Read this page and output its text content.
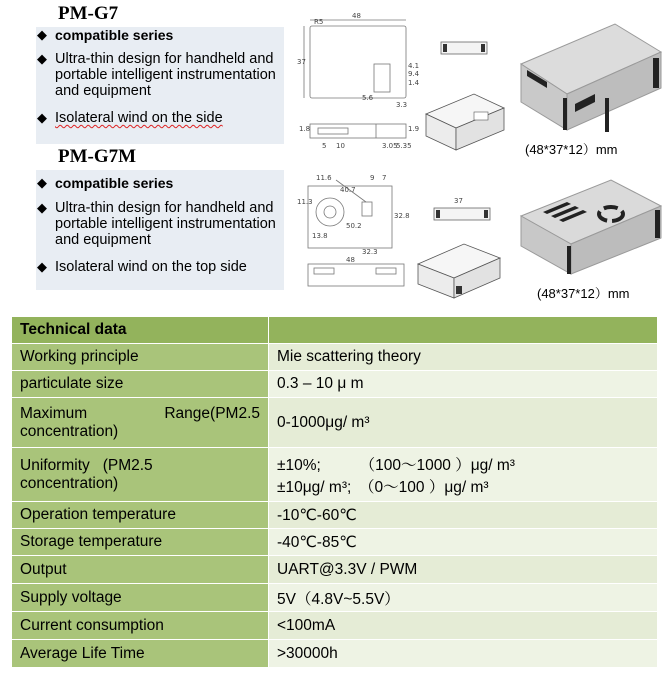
PM-G7
◆ compatible series
◆ Ultra-thin design for handheld and portable intelligent instrumentation and equipment
◆ Isolateral wind on the side
48
37
5.6
3.3
9.4
1.4
4.1
1.8	1.9
5 10	5.35
3.05
R5
(48*37*12）mm
PM-G7M
◆ compatible series
◆ Ultra-thin design for handheld and portable intelligent instrumentation and equipment
◆ Isolateral wind on the top side
11.6	9 7
40.7
11.3
13.8
32.8
50.2
48
32.3
37
(48*37*12）mm
Technical data	
Working principle	Mie scattering theory
particulate size	0.3 – 10 μ m

Maximum Range(PM2.5
concentration)	0-1000μg/ m³

Uniformity (PM2.5
concentration)	±10%;　　　（100～1000 ）μg/ m³
±10μg/ m³;　（0～100 ）μg/ m³

Operation temperature	-10℃-60℃
Storage temperature	-40℃-85℃
Output	UART@3.3V / PWM
Supply voltage	5V（4.8V~5.5V）
Current consumption	<100mA
Average Life Time	>30000h
